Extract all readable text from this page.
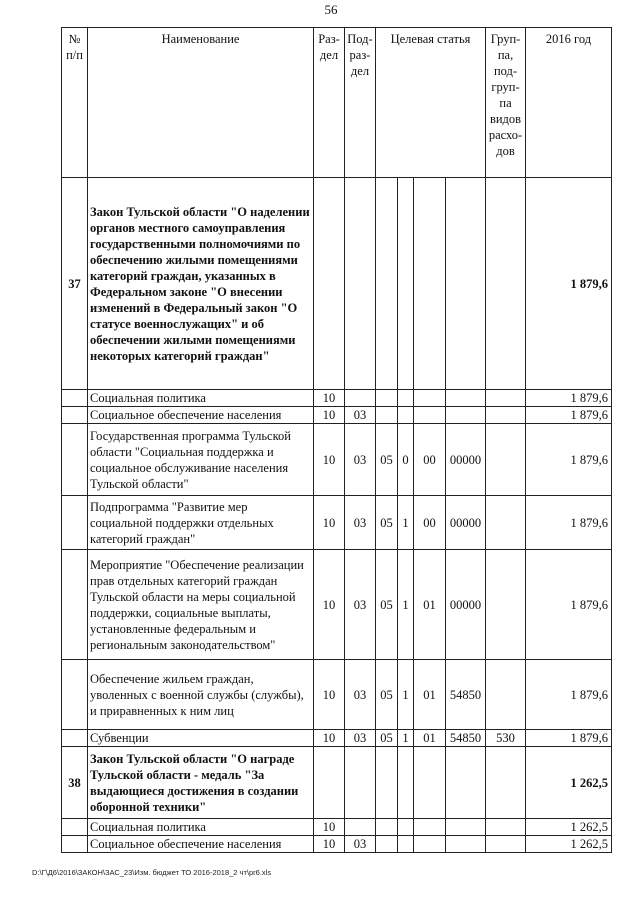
56
№ п/п	Наименование	Раз- дел	Под- раз- дел	Целевая статья				Груп- па, под- груп- па видов расхо- дов	2016 год
37	Закон Тульской области "О наделении органов местного самоуправления государственными полномочиями по обеспечению жилыми помещениями категорий граждан, указанных в Федеральном законе "О внесении изменений в Федеральный закон "О статусе военнослужащих" и об обеспечении жилыми помещениями некоторых категорий граждан"								1 879,6
	Социальная политика	10							1 879,6
	Социальное обеспечение населения	10	03						1 879,6
	Государственная программа Тульской области "Социальная поддержка и социальное обслуживание населения Тульской области"	10	03	05	0	00	00000		1 879,6
	Подпрограмма "Развитие мер социальной поддержки отдельных категорий граждан"	10	03	05	1	00	00000		1 879,6
	Мероприятие "Обеспечение реализации прав отдельных категорий граждан Тульской области на меры социальной поддержки, социальные выплаты, установленные федеральным и региональным законодательством"	10	03	05	1	01	00000		1 879,6
	Обеспечение жильем граждан, уволенных с военной службы (службы), и приравненных к ним лиц	10	03	05	1	01	54850		1 879,6
	Субвенции	10	03	05	1	01	54850	530	1 879,6
38	Закон Тульской области "О награде Тульской области - медаль "За выдающиеся достижения в создании оборонной техники"								1 262,5
	Социальная политика	10							1 262,5
	Социальное обеспечение населения	10	03						1 262,5
D:\Г\Д6\2016\ЗАКОН\ЗАС_23\Изм. бюджет ТО 2016-2018_2 чт\pr6.xls
